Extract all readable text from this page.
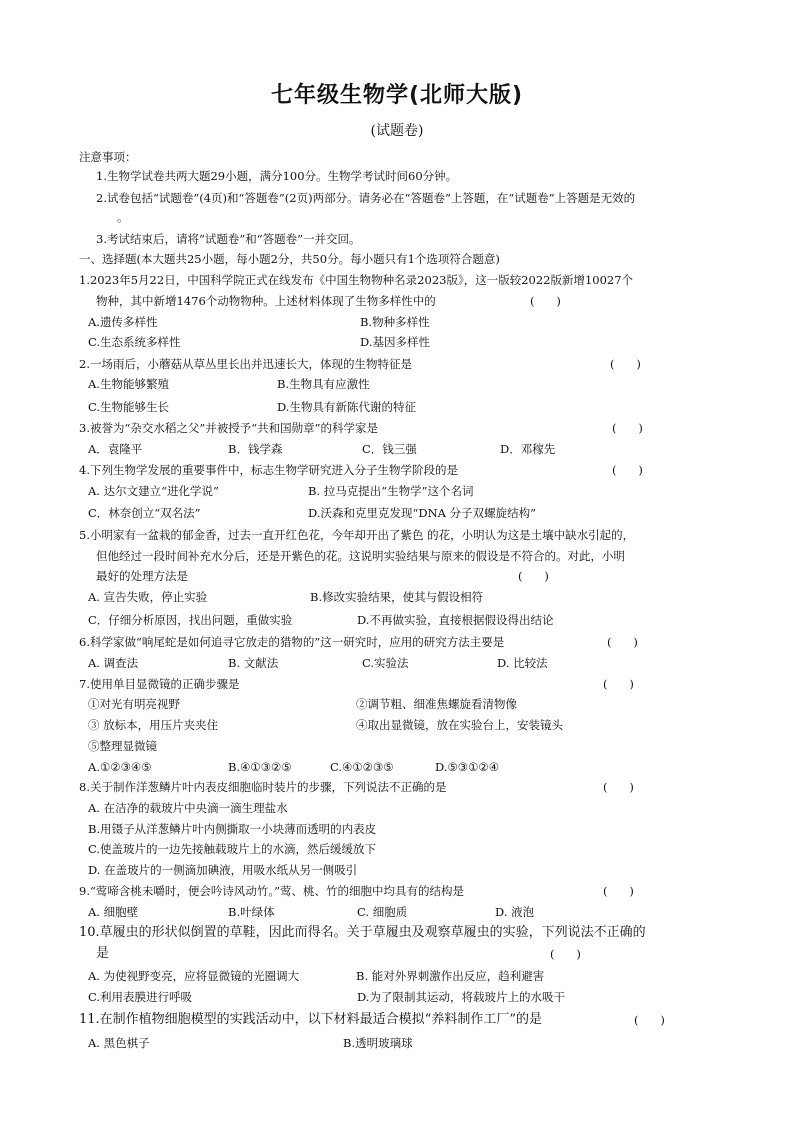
七年级生物学(北师大版)
(试题卷)
注意事项：
1.生物学试卷共两大题29小题，满分100分。生物学考试时间60分钟。
2.试卷包括“试题卷”(4页)和“答题卷”(2页)两部分。请务必在“答题卷”上答题，在“试题卷”上答题是无效的
。
3.考试结束后，请将“试题卷”和“答题卷”一并交回。
一、选择题(本大题共25小题，每小题2分，共50分。每小题只有1个选项符合题意)
1.2023年5月22日，中国科学院正式在线发布《中国生物物种名录2023版》，这一版较2022版新增10027个
物种，其中新增1476个动物物种。上述材料体现了生物多样性中的	(      )
A.遗传多样性	B.物种多样性
C.生态系统多样性	D.基因多样性
2.一场雨后，小蘑菇从草丛里长出并迅速长大，体现的生物特征是	(      )
A.生物能够繁殖	B.生物具有应激性
C.生物能够生长	D.生物具有新陈代谢的特征
3.被誉为“杂交水稻之父”并被授予“共和国勋章”的科学家是	(      )
A．袁隆平	B．钱学森	C．钱三强	D．邓稼先
4.下列生物学发展的重要事件中，标志生物学研究进入分子生物学阶段的是	(      )
A. 达尔文建立“进化学说”	B. 拉马克提出“生物学”这个名词
C．林奈创立“双名法”	D.沃森和克里克发现“DNA 分子双螺旋结构”
5.小明家有一盆栽的郁金香，过去一直开红色花，今年却开出了紫色 的花，小明认为这是土壤中缺水引起的，
但他经过一段时间补充水分后，还是开紫色的花。这说明实验结果与原来的假设是不符合的。对此，小明
最好的处理方法是	(      )
A. 宣告失败，停止实验	B.修改实验结果，使其与假设相符
C．仔细分析原因，找出问题，重做实验	D.不再做实验，直接根据假设得出结论
6.科学家做“响尾蛇是如何追寻它放走的猎物的”这一研究时，应用的研究方法主要是	(      )
A. 调查法	B. 文献法	C.实验法	D. 比较法
7.使用单目显微镜的正确步骤是	(      )
①对光有明亮视野	②调节粗、细准焦螺旋看清物像
③ 放标本，用压片夹夹住	④取出显微镜，放在实验台上，安装镜头
⑤整理显微镜
A.①②③④⑤	B.④①③②⑤	C.④①②③⑤	D.⑤③①②④
8.关于制作洋葱鳞片叶内表皮细胞临时装片的步骤，下列说法不正确的是	(      )
A. 在洁净的载玻片中央滴一滴生理盐水
B.用镊子从洋葱鳞片叶内侧撕取一小块薄而透明的内表皮
C.使盖玻片的一边先接触载玻片上的水滴，然后缓缓放下
D. 在盖玻片的一侧滴加碘液，用吸水纸从另一侧吸引
9.“莺啼含桃未嚼时，便会吟诗风动竹。”莺、桃、竹的细胞中均具有的结构是	(      )
A. 细胞壁	B.叶绿体	C. 细胞质	D. 液泡
10.草履虫的形状似倒置的草鞋，因此而得名。关于草履虫及观察草履虫的实验，下列说法不正确的
是	(      )
A. 为使视野变亮，应将显微镜的光圈调大	B. 能对外界刺激作出反应，趋利避害
C.利用表膜进行呼吸	D.为了限制其运动，将载玻片上的水吸干
11.在制作植物细胞模型的实践活动中，以下材料最适合模拟“养料制作工厂”的是	(      )
A. 黑色棋子	B.透明玻璃球
